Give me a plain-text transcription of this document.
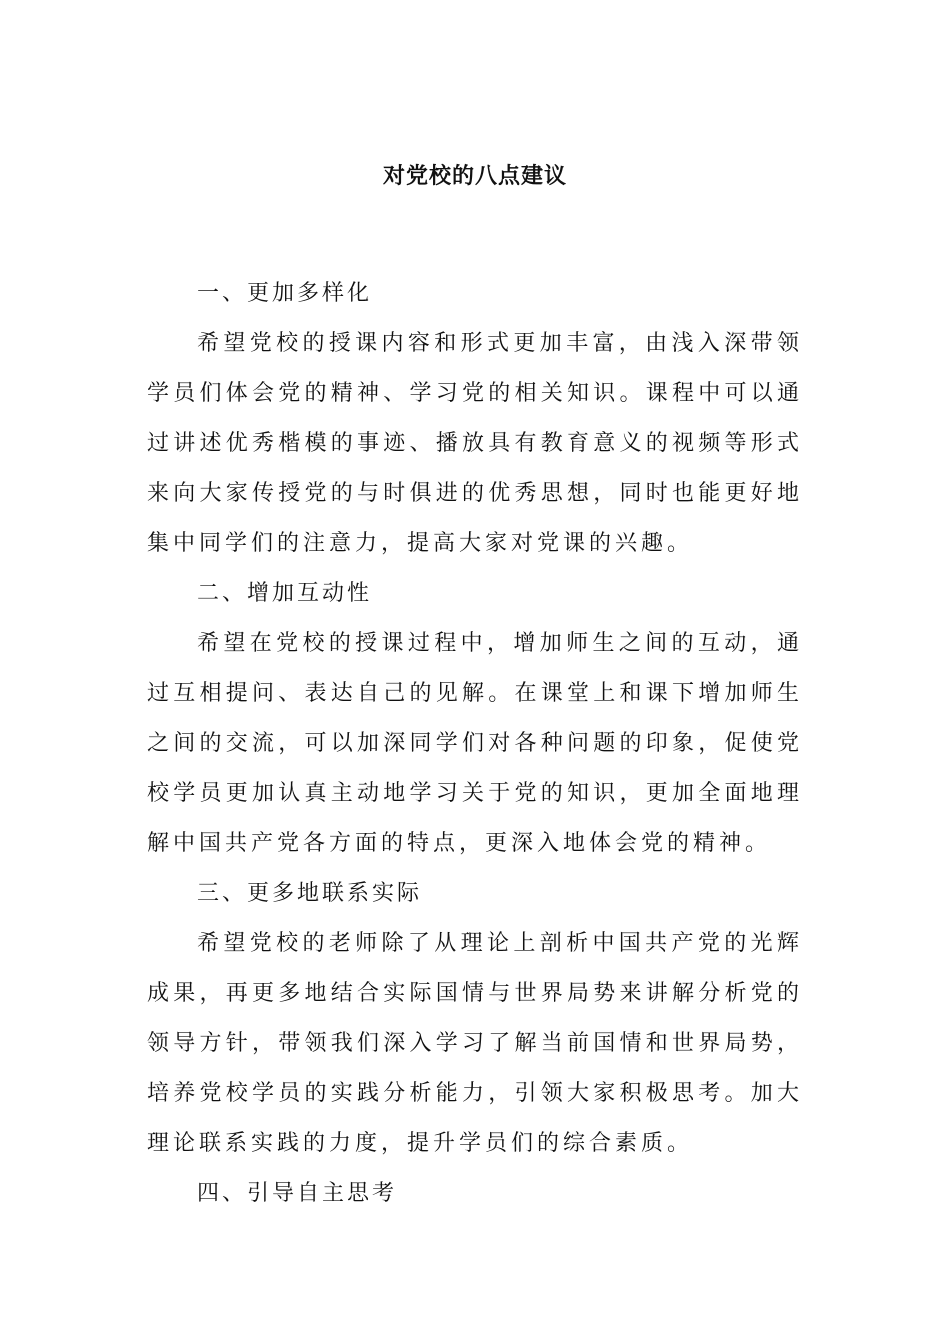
对党校的八点建议

一、更加多样化

希望党校的授课内容和形式更加丰富，由浅入深带领学员们体会党的精神、学习党的相关知识。课程中可以通过讲述优秀楷模的事迹、播放具有教育意义的视频等形式来向大家传授党的与时俱进的优秀思想，同时也能更好地集中同学们的注意力，提高大家对党课的兴趣。

二、增加互动性

希望在党校的授课过程中，增加师生之间的互动，通过互相提问、表达自己的见解。在课堂上和课下增加师生之间的交流，可以加深同学们对各种问题的印象，促使党校学员更加认真主动地学习关于党的知识，更加全面地理解中国共产党各方面的特点，更深入地体会党的精神。

三、更多地联系实际

希望党校的老师除了从理论上剖析中国共产党的光辉成果，再更多地结合实际国情与世界局势来讲解分析党的领导方针，带领我们深入学习了解当前国情和世界局势，培养党校学员的实践分析能力，引领大家积极思考。加大理论联系实践的力度，提升学员们的综合素质。

四、引导自主思考
